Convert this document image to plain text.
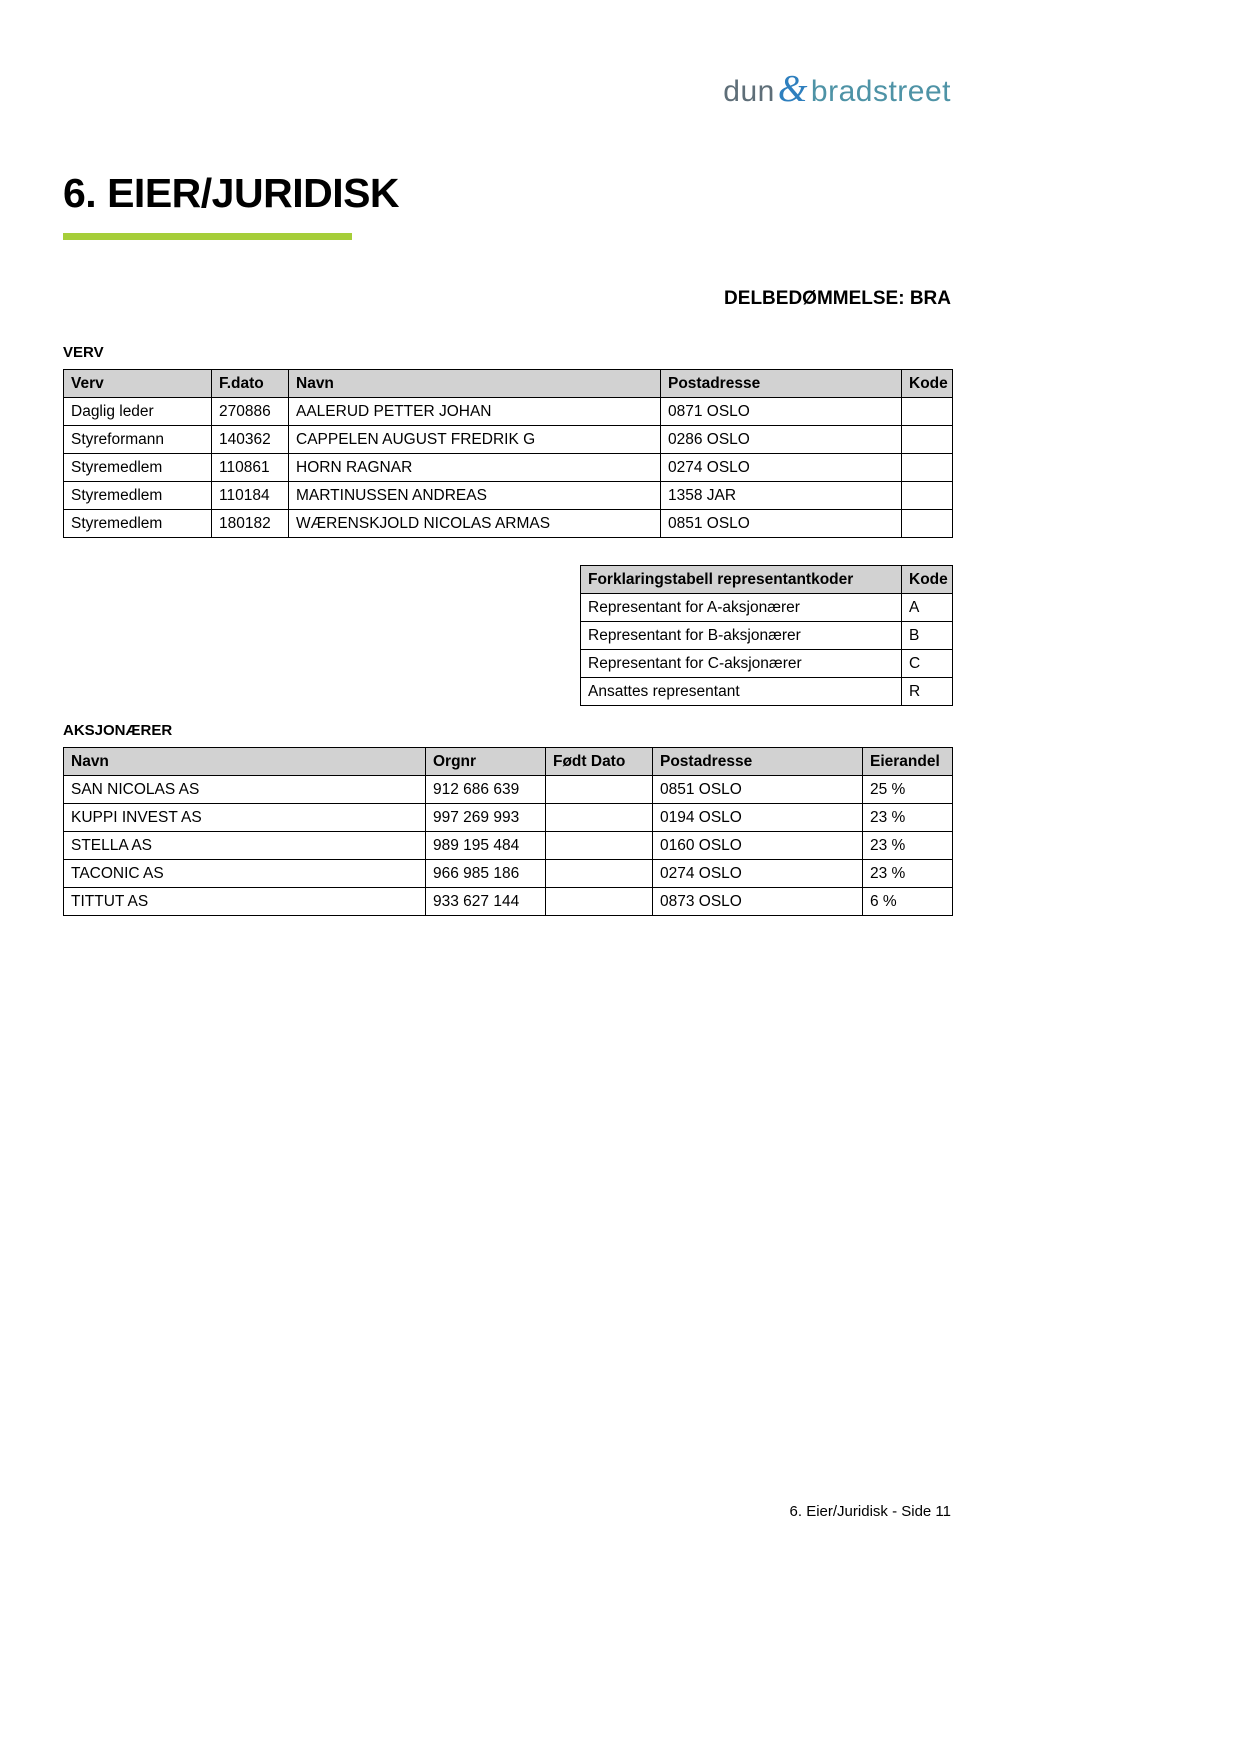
dun & bradstreet
6. EIER/JURIDISK
DELBEDØMMELSE: BRA
VERV
Verv	F.dato	Navn	Postadresse	Kode
Daglig leder	270886	AALERUD PETTER JOHAN	0871 OSLO	
Styreformann	140362	CAPPELEN AUGUST FREDRIK G	0286 OSLO	
Styremedlem	110861	HORN RAGNAR	0274 OSLO	
Styremedlem	110184	MARTINUSSEN ANDREAS	1358 JAR	
Styremedlem	180182	WÆRENSKJOLD NICOLAS ARMAS	0851 OSLO	
Forklaringstabell representantkoder	Kode
Representant for A-aksjonærer	A
Representant for B-aksjonærer	B
Representant for C-aksjonærer	C
Ansattes representant	R
AKSJONÆRER
Navn	Orgnr	Født Dato	Postadresse	Eierandel
SAN NICOLAS AS	912 686 639		0851 OSLO	25 %
KUPPI INVEST AS	997 269 993		0194 OSLO	23 %
STELLA AS	989 195 484		0160 OSLO	23 %
TACONIC AS	966 985 186		0274 OSLO	23 %
TITTUT AS	933 627 144		0873 OSLO	6 %
6. Eier/Juridisk - Side 11
